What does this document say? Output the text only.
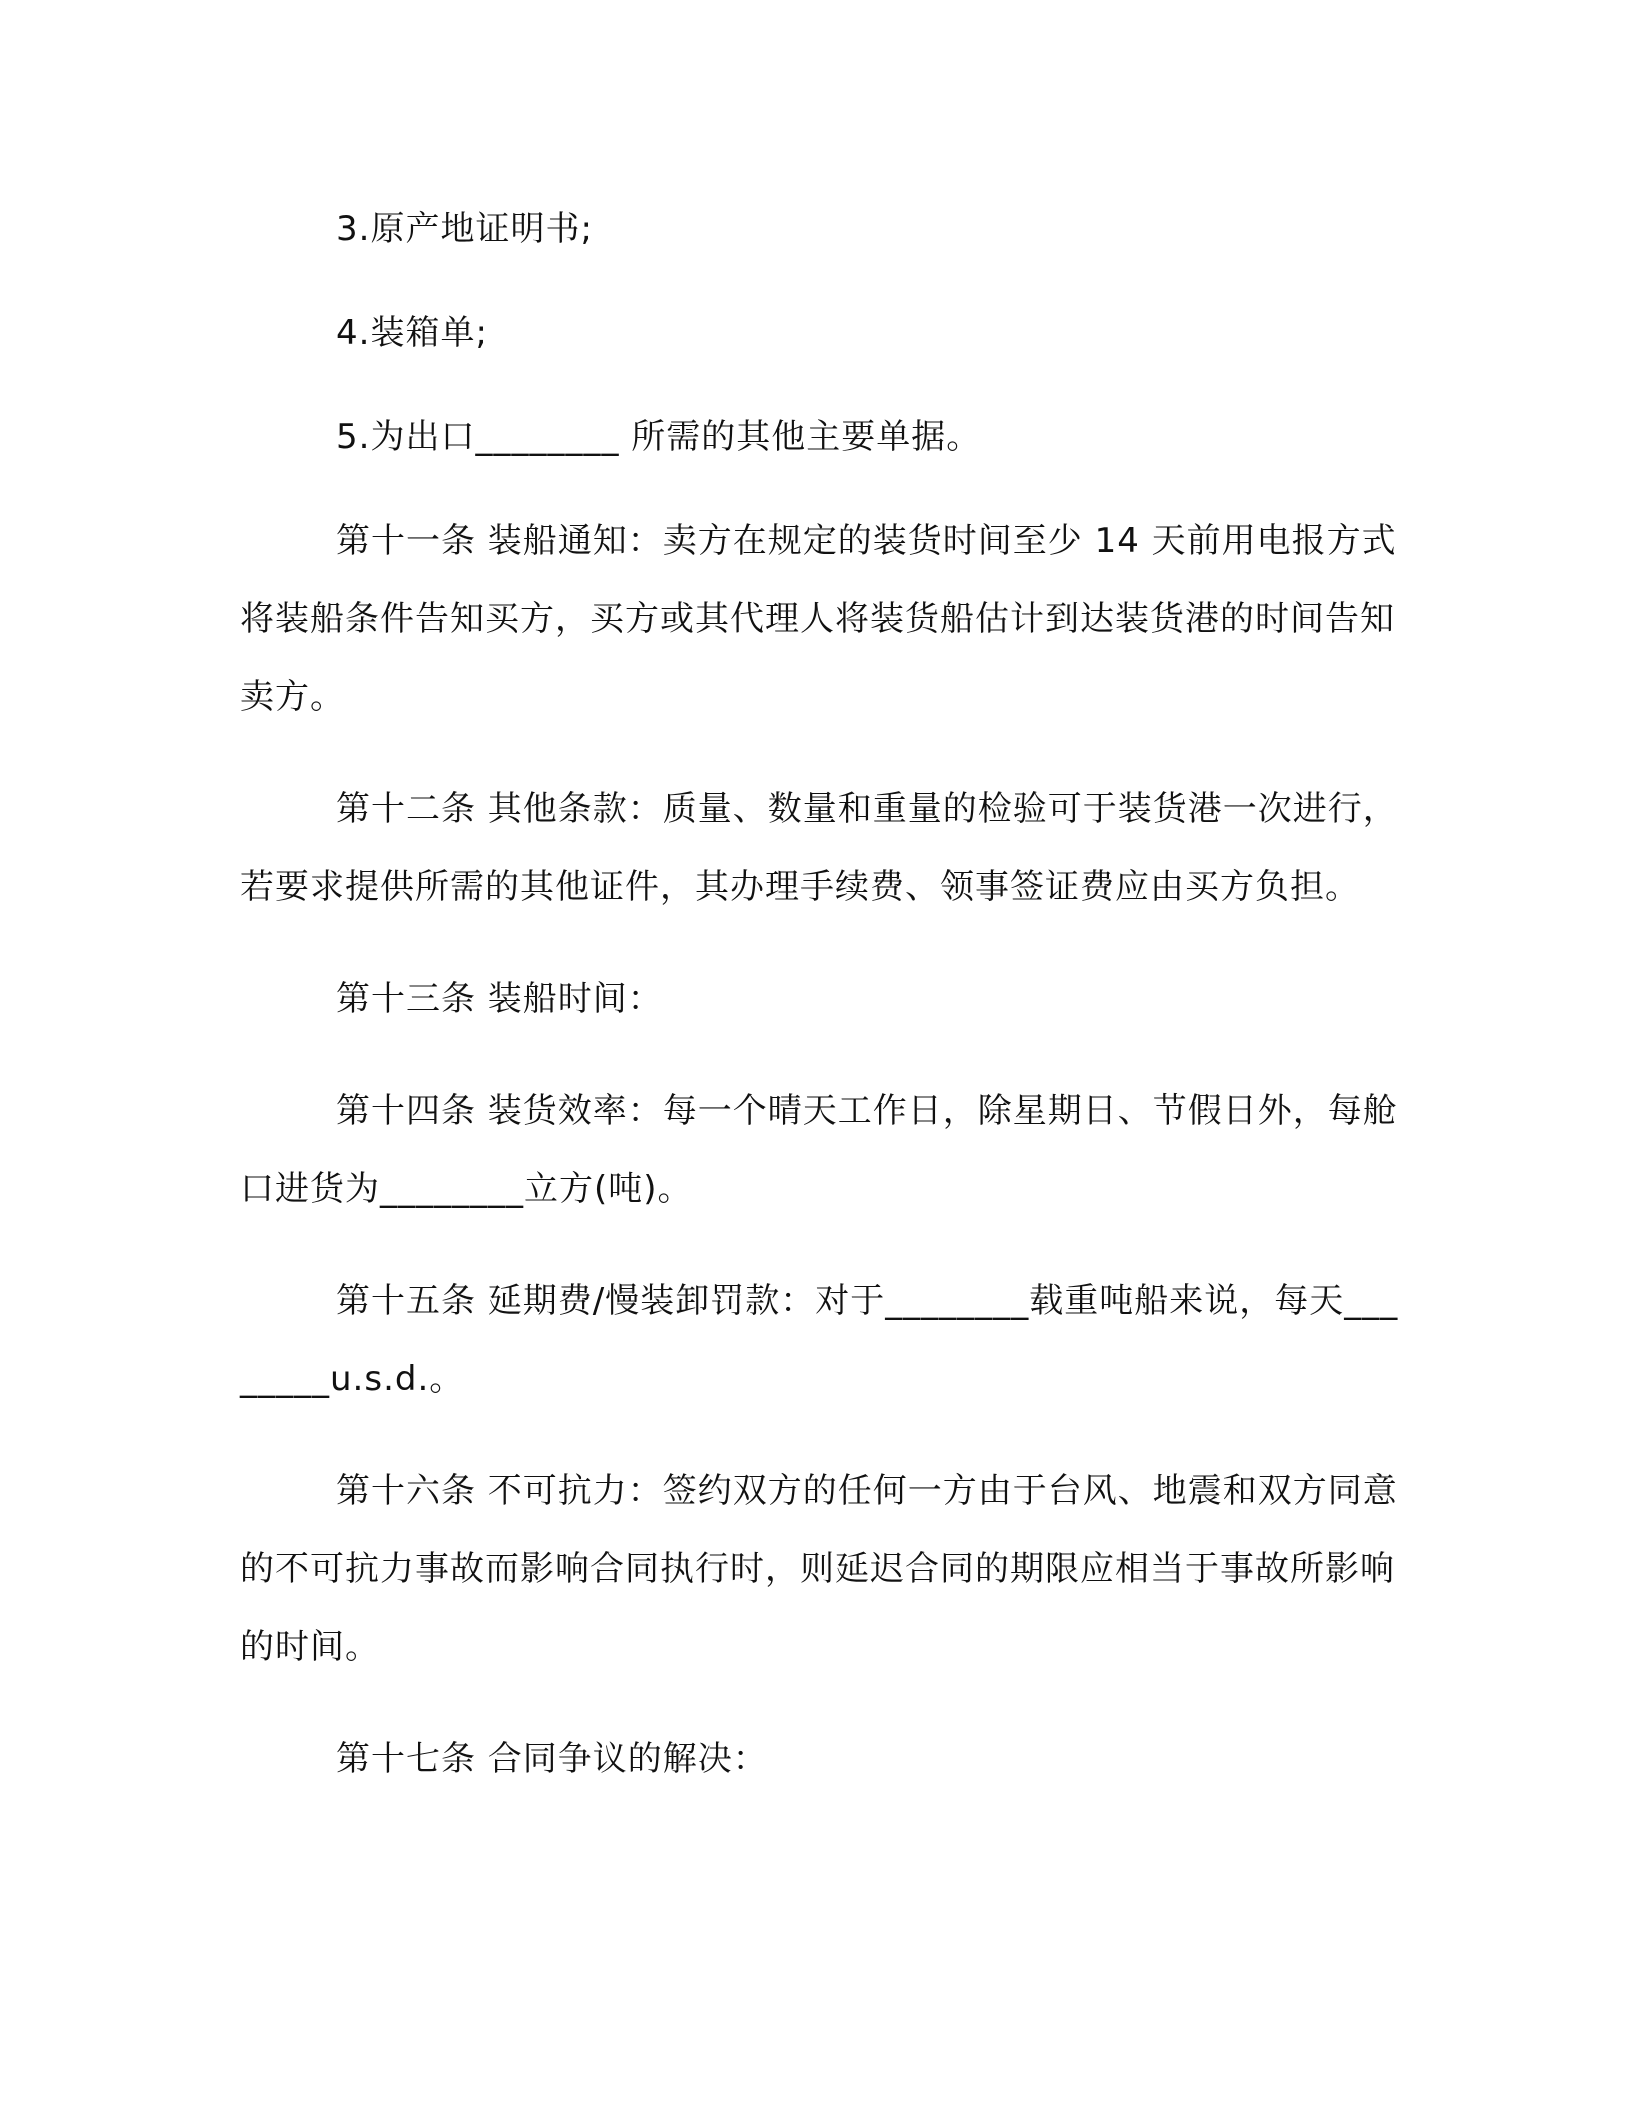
3.原产地证明书;

4.装箱单;

5.为出口________ 所需的其他主要单据。

第十一条 装船通知：卖方在规定的装货时间至少 14 天前用电报方式将装船条件告知买方，买方或其代理人将装货船估计到达装货港的时间告知卖方。

第十二条 其他条款：质量、数量和重量的检验可于装货港一次进行，若要求提供所需的其他证件，其办理手续费、领事签证费应由买方负担。

第十三条 装船时间：

第十四条 装货效率：每一个晴天工作日，除星期日、节假日外，每舱口进货为________立方(吨)。

第十五条 延期费/慢装卸罚款：对于________载重吨船来说，每天________u.s.d.。

第十六条 不可抗力：签约双方的任何一方由于台风、地震和双方同意的不可抗力事故而影响合同执行时，则延迟合同的期限应相当于事故所影响的时间。

第十七条 合同争议的解决：
